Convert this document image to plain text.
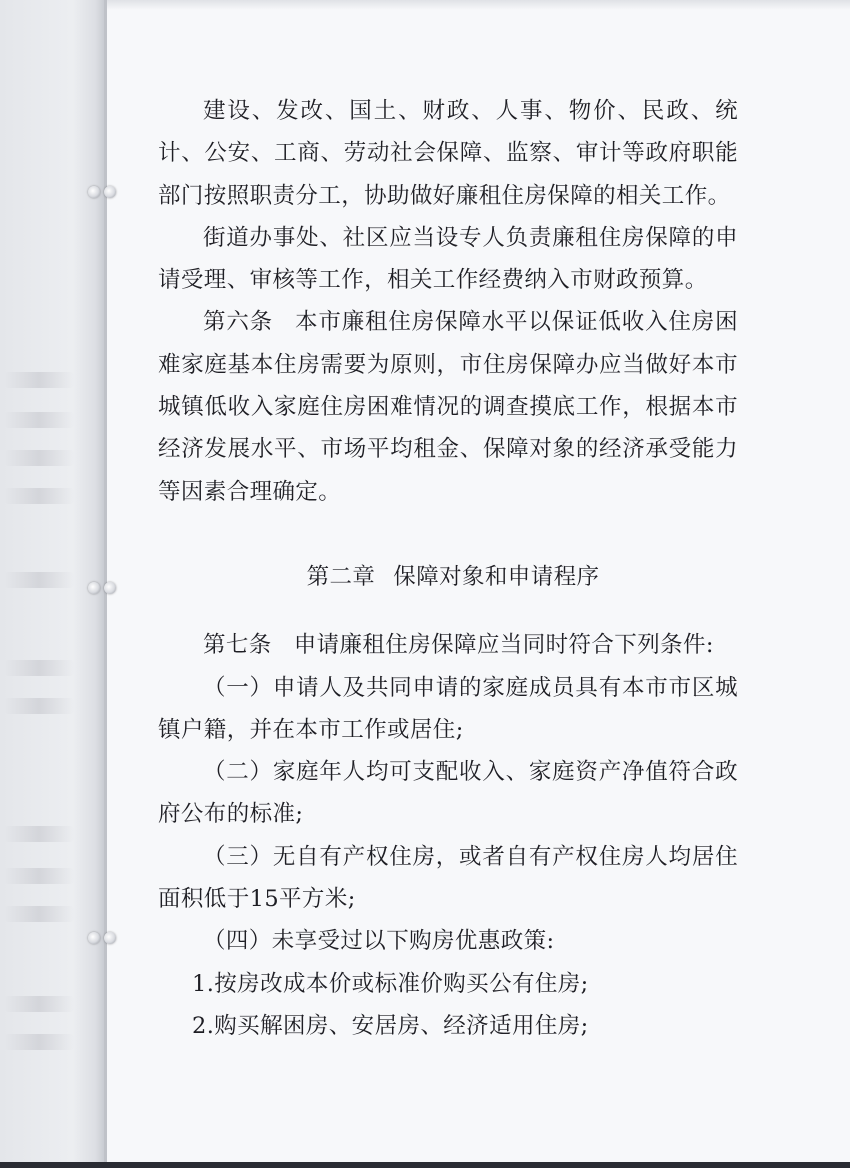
建设、发改、国土、财政、人事、物价、民政、统计、公安、工商、劳动社会保障、监察、审计等政府职能部门按照职责分工，协助做好廉租住房保障的相关工作。

街道办事处、社区应当设专人负责廉租住房保障的申请受理、审核等工作，相关工作经费纳入市财政预算。

第六条 本市廉租住房保障水平以保证低收入住房困难家庭基本住房需要为原则，市住房保障办应当做好本市城镇低收入家庭住房困难情况的调查摸底工作，根据本市经济发展水平、市场平均租金、保障对象的经济承受能力等因素合理确定。

第二章 保障对象和申请程序

第七条 申请廉租住房保障应当同时符合下列条件:

（一）申请人及共同申请的家庭成员具有本市市区城镇户籍，并在本市工作或居住;

（二）家庭年人均可支配收入、家庭资产净值符合政府公布的标准;

（三）无自有产权住房，或者自有产权住房人均居住面积低于15平方米;

（四）未享受过以下购房优惠政策:

1.按房改成本价或标准价购买公有住房;

2.购买解困房、安居房、经济适用住房;
